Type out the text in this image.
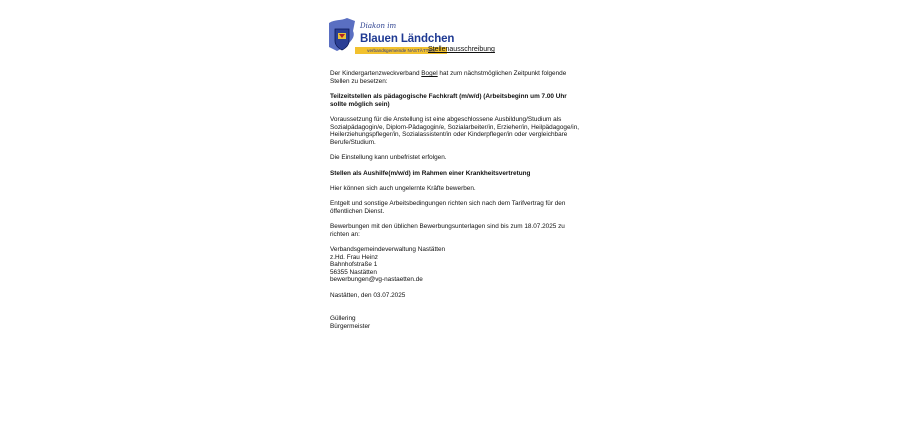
Diakon im
Blauen Ländchen
verbandsgemeinde NASTÄTTEN
Stellenausschreibung
Der Kindergartenzweckverband Bogel hat zum nächstmöglichen Zeitpunkt folgende
Stellen zu besetzen:
Teilzeitstellen als pädagogische Fachkraft (m/w/d) (Arbeitsbeginn um 7.00 Uhr
sollte möglich sein)
Voraussetzung für die Anstellung ist eine abgeschlossene Ausbildung/Studium als
Sozialpädagogin/e, Diplom-Pädagogin/e, Sozialarbeiter/in, Erzieher/in, Heilpädagoge/in,
Heilerziehungspfleger/in, Sozialassistent/in oder Kinderpfleger/in oder vergleichbare
Berufe/Studium.
Die Einstellung kann unbefristet erfolgen.
Stellen als Aushilfe(m/w/d) im Rahmen einer Krankheitsvertretung
Hier können sich auch ungelernte Kräfte bewerben.
Entgelt und sonstige Arbeitsbedingungen richten sich nach dem Tarifvertrag für den
öffentlichen Dienst.
Bewerbungen mit den üblichen Bewerbungsunterlagen sind bis zum 18.07.2025 zu
richten an:
Verbandsgemeindeverwaltung Nastätten
z.Hd. Frau Heinz
Bahnhofstraße 1
56355 Nastätten
bewerbungen@vg-nastaetten.de
Nastätten, den 03.07.2025
Güllering
Bürgermeister
